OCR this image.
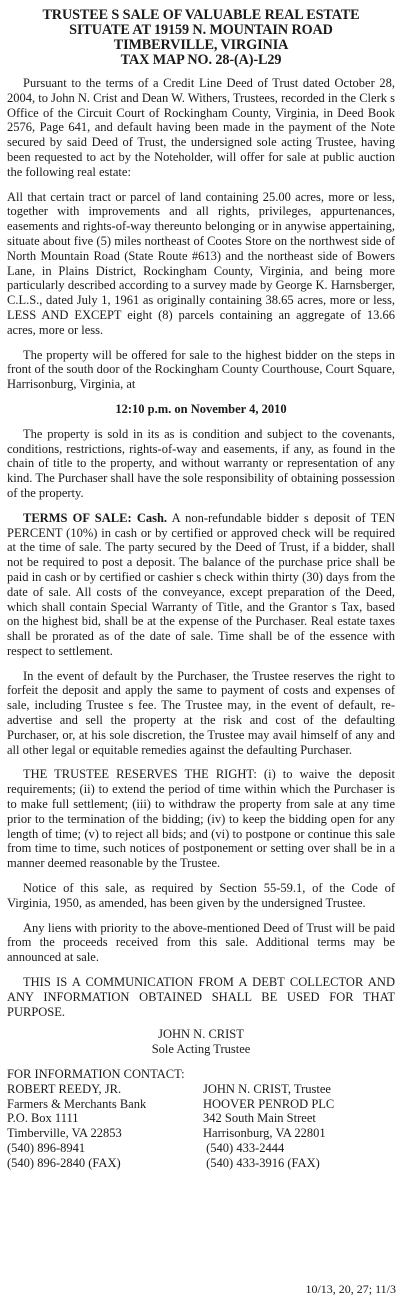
TRUSTEE S SALE OF VALUABLE REAL ESTATE
SITUATE AT 19159 N. MOUNTAIN ROAD
TIMBERVILLE, VIRGINIA
TAX MAP NO. 28-(A)-L29

Pursuant to the terms of a Credit Line Deed of Trust dated October 28, 2004, to John N. Crist and Dean W. Withers, Trustees, recorded in the Clerk s Office of the Circuit Court of Rockingham County, Virginia, in Deed Book 2576, Page 641, and default having been made in the payment of the Note secured by said Deed of Trust, the undersigned sole acting Trustee, having been requested to act by the Noteholder, will offer for sale at public auction the following real estate:

All that certain tract or parcel of land containing 25.00 acres, more or less, together with improvements and all rights, privileges, appurtenances, easements and rights-of-way thereunto belonging or in anywise appertaining, situate about five (5) miles northeast of Cootes Store on the northwest side of North Mountain Road (State Route #613) and the northeast side of Bowers Lane, in Plains District, Rockingham County, Virginia, and being more particularly described according to a survey made by George K. Harnsberger, C.L.S., dated July 1, 1961 as originally containing 38.65 acres, more or less, LESS AND EXCEPT eight (8) parcels containing an aggregate of 13.66 acres, more or less.

The property will be offered for sale to the highest bidder on the steps in front of the south door of the Rockingham County Courthouse, Court Square, Harrisonburg, Virginia, at

12:10 p.m. on November 4, 2010

The property is sold in its as is condition and subject to the covenants, conditions, restrictions, rights-of-way and easements, if any, as found in the chain of title to the property, and without warranty or representation of any kind. The Purchaser shall have the sole responsibility of obtaining possession of the property.

TERMS OF SALE: Cash. A non-refundable bidder s deposit of TEN PERCENT (10%) in cash or by certified or approved check will be required at the time of sale. The party secured by the Deed of Trust, if a bidder, shall not be required to post a deposit. The balance of the purchase price shall be paid in cash or by certified or cashier s check within thirty (30) days from the date of sale. All costs of the conveyance, except preparation of the Deed, which shall contain Special Warranty of Title, and the Grantor s Tax, based on the highest bid, shall be at the expense of the Purchaser. Real estate taxes shall be prorated as of the date of sale. Time shall be of the essence with respect to settlement.

In the event of default by the Purchaser, the Trustee reserves the right to forfeit the deposit and apply the same to payment of costs and expenses of sale, including Trustee s fee. The Trustee may, in the event of default, re-advertise and sell the property at the risk and cost of the defaulting Purchaser, or, at his sole discretion, the Trustee may avail himself of any and all other legal or equitable remedies against the defaulting Purchaser.

THE TRUSTEE RESERVES THE RIGHT: (i) to waive the deposit requirements; (ii) to extend the period of time within which the Purchaser is to make full settlement; (iii) to withdraw the property from sale at any time prior to the termination of the bidding; (iv) to keep the bidding open for any length of time; (v) to reject all bids; and (vi) to postpone or continue this sale from time to time, such notices of postponement or setting over shall be in a manner deemed reasonable by the Trustee.

Notice of this sale, as required by Section 55-59.1, of the Code of Virginia, 1950, as amended, has been given by the undersigned Trustee.

Any liens with priority to the above-mentioned Deed of Trust will be paid from the proceeds received from this sale. Additional terms may be announced at sale.

THIS IS A COMMUNICATION FROM A DEBT COLLECTOR AND ANY INFORMATION OBTAINED SHALL BE USED FOR THAT PURPOSE.

JOHN N. CRIST
Sole Acting Trustee
FOR INFORMATION CONTACT:
ROBERT REEDY, JR.
Farmers & Merchants Bank
P.O. Box 1111
Timberville, VA 22853
(540) 896-8941
(540) 896-2840 (FAX)
JOHN N. CRIST, Trustee
HOOVER PENROD PLC
342 South Main Street
Harrisonburg, VA 22801
(540) 433-2444
(540) 433-3916 (FAX)
10/13, 20, 27; 11/3
